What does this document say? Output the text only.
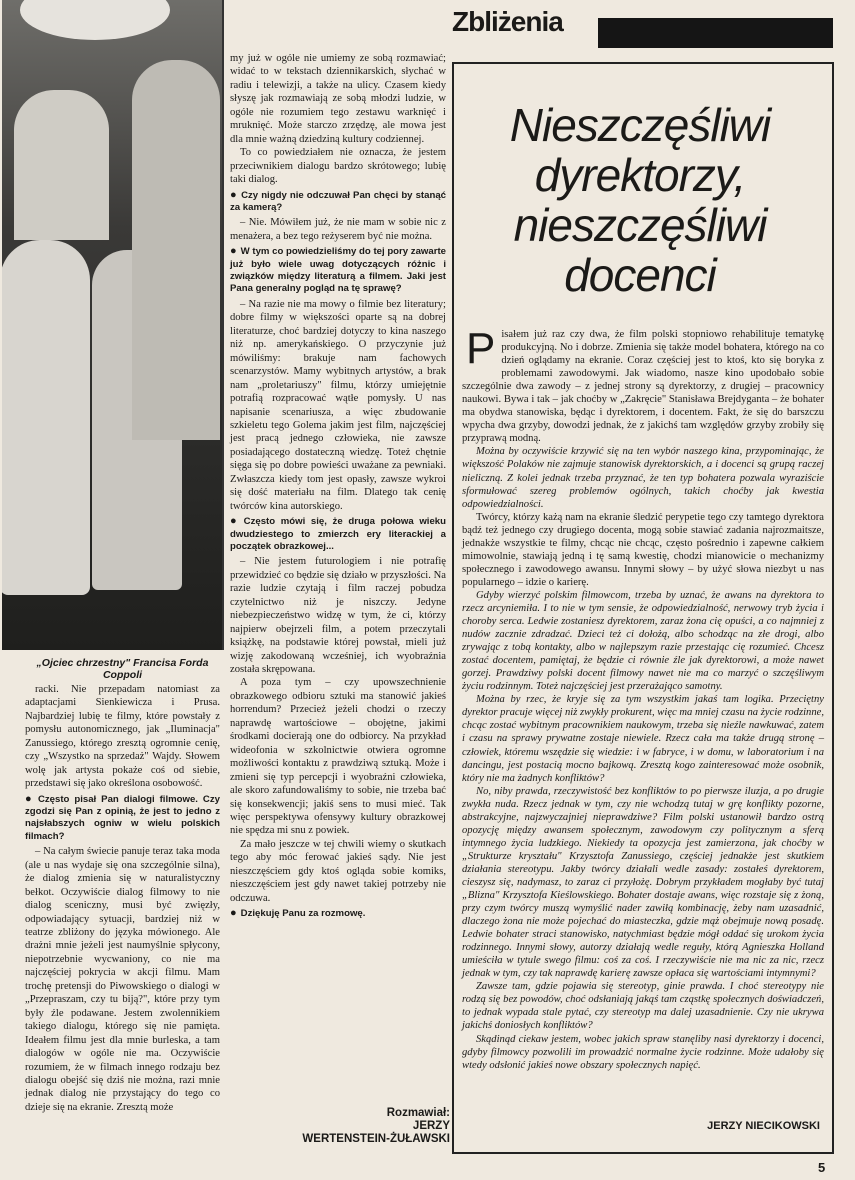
„Ojciec chrzestny" Francisa Forda Coppoli

racki. Nie przepadam natomiast za adaptacjami Sienkiewicza i Prusa. Najbardziej lubię te filmy, które powstały z pomysłu autonomicznego, jak „Iluminacja" Zanussiego, którego zresztą ogromnie cenię, czy „Wszystko na sprzedaż" Wajdy. Słowem wolę jak artysta pokaże coś od siebie, przedstawi się jako określona osobowość.

● Często pisał Pan dialogi filmowe. Czy zgodzi się Pan z opinią, że jest to jedno z najsłabszych ogniw w wielu polskich filmach?

– Na całym świecie panuje teraz taka moda (ale u nas wydaje się ona szczególnie silna), że dialog zmienia się w naturalistyczny bełkot. Oczywiście dialog filmowy to nie dialog sceniczny, musi być zwięzły, odpowiadający sytuacji, bardziej niż w teatrze zbliżony do języka mówionego. Ale drażni mnie jeżeli jest naumyślnie spłycony, niepotrzebnie wycwaniony, co nie ma najczęściej pokrycia w akcji filmu. Mam trochę pretensji do Piwowskiego o dialogi w „Przepraszam, czy tu biją?", które przy tym były źle podawane. Jestem zwolennikiem takiego dialogu, którego się nie pamięta. Ideałem filmu jest dla mnie burleska, a tam dialogów w ogóle nie ma. Oczywiście rozumiem, że w filmach innego rodzaju bez dialogu obejść się dziś nie można, razi mnie jednak dialog nie przystający do tego co dzieje się na ekranie. Zresztą może

my już w ogóle nie umiemy ze sobą rozmawiać; widać to w tekstach dziennikarskich, słychać w radiu i telewizji, a także na ulicy. Czasem kiedy słyszę jak rozmawiają ze sobą młodzi ludzie, w ogóle nie rozumiem tego zestawu warknięć i mruknięć. Może starczo zrzędzę, ale mowa jest dla mnie ważną dziedziną kultury codziennej.

To co powiedziałem nie oznacza, że jestem przeciwnikiem dialogu bardzo skrótowego; lubię taki dialog.

● Czy nigdy nie odczuwał Pan chęci by stanąć za kamerą?

– Nie. Mówiłem już, że nie mam w sobie nic z menażera, a bez tego reżyserem być nie można.

● W tym co powiedzieliśmy do tej pory zawarte już było wiele uwag dotyczących różnic i związków między literaturą a filmem. Jaki jest Pana generalny pogląd na tę sprawę?

– Na razie nie ma mowy o filmie bez literatury; dobre filmy w większości oparte są na dobrej literaturze, choć bardziej dotyczy to kina naszego niż np. amerykańskiego. O przyczynie już mówiliśmy: brakuje nam fachowych scenarzystów. Mamy wybitnych artystów, a brak nam „proletariuszy" filmu, którzy umiejętnie potrafią rozpracować wątłe pomysły. U nas napisanie scenariusza, a więc zbudowanie szkieletu tego Golema jakim jest film, najczęściej jest pracą jednego człowieka, nie zawsze posiadającego dostateczną wiedzę. Toteż chętnie sięga się po dobre powieści uważane za pewniaki. Zwłaszcza kiedy tom jest opasły, zawsze wykroi się dość materiału na film. Dlatego tak cenię twórców kina autorskiego.

● Często mówi się, że druga połowa wieku dwudziestego to zmierzch ery literackiej a początek obrazkowej...

– Nie jestem futurologiem i nie potrafię przewidzieć co będzie się działo w przyszłości. Na razie ludzie czytają i film raczej pobudza czytelnictwo niż je niszczy. Jedyne niebezpieczeństwo widzę w tym, że ci, którzy najpierw obejrzeli film, a potem przeczytali książkę, na podstawie której powstał, mieli już wizję zakodowaną wcześniej, ich wyobraźnia została skrępowana.

A poza tym – czy upowszechnienie obrazkowego odbioru sztuki ma stanowić jakieś horrendum? Przecież jeżeli chodzi o rzeczy naprawdę wartościowe – obojętne, jakimi środkami docierają one do odbiorcy. Na przykład wideofonia w szkolnictwie otwiera ogromne możliwości kontaktu z prawdziwą sztuką. Może i zmieni się typ percepcji i wyobraźni człowieka, ale skoro zafundowaliśmy to sobie, nie trzeba bać się konsekwencji; jakiś sens to musi mieć. Tak więc perspektywa ofensywy kultury obrazkowej nie spędza mi snu z powiek.

Za mało jeszcze w tej chwili wiemy o skutkach tego aby móc ferować jakieś sądy. Nie jest nieszczęściem gdy ktoś ogląda sobie komiks, nieszczęściem jest gdy nawet takiej potrzeby nie odczuwa.

● Dziękuję Panu za rozmowę.

Rozmawiał:
JERZY
WERTENSTEIN-ŻUŁAWSKI
Zbliżenia
Nieszczęśliwi
dyrektorzy,
nieszczęśliwi
docenci

Pisałem już raz czy dwa, że film polski stopniowo rehabilituje tematykę produkcyjną. No i dobrze. Zmienia się także model bohatera, którego na co dzień oglądamy na ekranie. Coraz częściej jest to ktoś, kto się boryka z problemami zawodowymi. Jak wiadomo, nasze kino upodobało sobie szczególnie dwa zawody – z jednej strony są dyrektorzy, z drugiej – pracownicy naukowi. Bywa i tak – jak choćby w „Zakręcie" Stanisława Brejdyganta – że bohater ma obydwa stanowiska, będąc i dyrektorem, i docentem. Fakt, że się do barszczu wpycha dwa grzyby, dowodzi jednak, że z jakichś tam względów grzyby zrobiły się przyprawą modną.

Można by oczywiście krzywić się na ten wybór naszego kina, przypominając, że większość Polaków nie zajmuje stanowisk dyrektorskich, a i docenci są grupą raczej nieliczną. Z kolei jednak trzeba przyznać, że ten typ bohatera pozwala wyraziście sformułować szereg problemów ogólnych, takich choćby jak kwestia odpowiedzialności.

Twórcy, którzy każą nam na ekranie śledzić perypetie tego czy tamtego dyrektora bądź też jednego czy drugiego docenta, mogą sobie stawiać zadania najrozmaitsze, jednakże wszystkie te filmy, chcąc nie chcąc, często pośrednio i zapewne całkiem mimowolnie, stawiają jedną i tę samą kwestię, chodzi mianowicie o mechanizmy społecznego i zawodowego awansu. Innymi słowy – by użyć słowa niezbyt u nas popularnego – idzie o karierę.

Gdyby wierzyć polskim filmowcom, trzeba by uznać, że awans na dyrektora to rzecz arcyniemiła. I to nie w tym sensie, że odpowiedzialność, nerwowy tryb życia i choroby serca. Ledwie zostaniesz dyrektorem, zaraz żona cię opuści, a co najmniej z nudów zacznie zdradzać. Dzieci też ci dołożą, albo schodząc na złe drogi, albo zrywając z tobą kontakty, albo w najlepszym razie przestając cię rozumieć. Chcesz zostać docentem, pamiętaj, że będzie ci równie źle jak dyrektorowi, a może nawet gorzej. Prawdziwy polski docent filmowy nawet nie ma co marzyć o szczęśliwym życiu rodzinnym. Toteż najczęściej jest przerażająco samotny.

Można by rzec, że kryje się za tym wszystkim jakaś tam logika. Przeciętny dyrektor pracuje więcej niż zwykły prokurent, więc ma mniej czasu na życie rodzinne, chcąc zostać wybitnym pracownikiem naukowym, trzeba się nieźle nawkuwać, zatem i czasu na sprawy prywatne zostaje niewiele. Rzecz cała ma także drugą stronę – człowiek, któremu wszędzie się wiedzie: i w fabryce, i w domu, w laboratorium i na dancingu, jest postacią mocno bajkową. Zresztą kogo zainteresować może osobnik, który nie ma żadnych konfliktów?

No, niby prawda, rzeczywistość bez konfliktów to po pierwsze iluzja, a po drugie zwykła nuda. Rzecz jednak w tym, czy nie wchodzą tutaj w grę konflikty pozorne, abstrakcyjne, najzwyczajniej nieprawdziwe? Film polski ustanowił bardzo ostrą opozycję między awansem społecznym, zawodowym czy politycznym a sferą intymnego życia ludzkiego. Niekiedy ta opozycja jest zamierzona, jak choćby w „Strukturze kryształu" Krzysztofa Zanussiego, częściej jednakże jest skutkiem działania stereotypu. Jakby twórcy działali wedle zasady: zostałeś dyrektorem, cieszysz się, nadymasz, to zaraz ci przyłożę. Dobrym przykładem mogłaby być tutaj „Blizna" Krzysztofa Kieślowskiego. Bohater dostaje awans, więc rozstaje się z żoną, przy czym twórcy muszą wymyślić nader zawiłą kombinację, żeby nam uzasadnić, dlaczego żona nie może pojechać do miasteczka, gdzie mąż obejmuje nową posadę. Ledwie bohater straci stanowisko, natychmiast będzie mógł oddać się urokom życia rodzinnego. Innymi słowy, autorzy działają wedle reguły, którą Agnieszka Holland umieściła w tytule swego filmu: coś za coś. I rzeczywiście nie ma nic za nic, rzecz jednak w tym, czy tak naprawdę karierę zawsze opłaca się wartościami intymnymi?

Zawsze tam, gdzie pojawia się stereotyp, ginie prawda. I choć stereotypy nie rodzą się bez powodów, choć odsłaniają jakąś tam cząstkę społecznych doświadczeń, to jednak wypada stale pytać, czy stereotyp ma dalej uzasadnienie. Czy nie ukrywa jakichś doniosłych konfliktów?

Skądinąd ciekaw jestem, wobec jakich spraw stanęliby nasi dyrektorzy i docenci, gdyby filmowcy pozwolili im prowadzić normalne życie rodzinne. Może udałoby się wtedy odsłonić jakieś nowe obszary społecznych napięć.

JERZY NIECIKOWSKI
5
